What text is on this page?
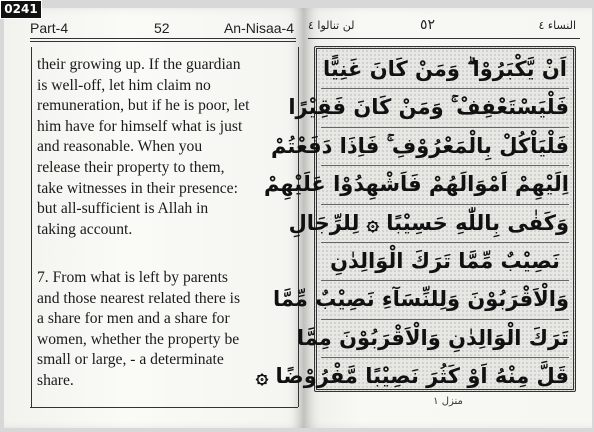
0241
Part-4	52	An-Nisaa-4

their growing up. If the guardian
is well-off, let him claim no
remuneration, but if he is poor, let
him have for himself what is just
and reasonable. When you
release their property to them,
take witnesses in their presence:
but all-sufficient is Allah in
taking account.

7. From what is left by parents
and those nearest related there is
a share for men and a share for
women, whether the property be
small or large, - a determinate
share.

لن تنالوا ٤	٥٢	النساء ٤
اَنْ يَّكْبَرُوْا ۗ وَمَنْ كَانَ غَنِيًّا
فَلْيَسْتَعْفِفْ ۚ وَمَنْ كَانَ فَقِيْرًا
فَلْيَاْكُلْ بِالْمَعْرُوْفِ ۚ فَاِذَا دَفَعْتُمْ
اِلَيْهِمْ اَمْوَالَهُمْ فَاَشْهِدُوْا عَلَيْهِمْ
وَكَفٰى بِاللّٰهِ حَسِيْبًا ۞ لِلرِّجَالِ
نَصِيْبٌ مِّمَّا تَرَكَ الْوَالِدٰنِ
وَالْاَقْرَبُوْنَ وَلِلنِّسَآءِ نَصِيْبٌ مِّمَّا
تَرَكَ الْوَالِدٰنِ وَالْاَقْرَبُوْنَ مِمَّا
قَلَّ مِنْهُ اَوْ كَثُرَ نَصِيْبًا مَّفْرُوْضًا ۞
منزل ١
